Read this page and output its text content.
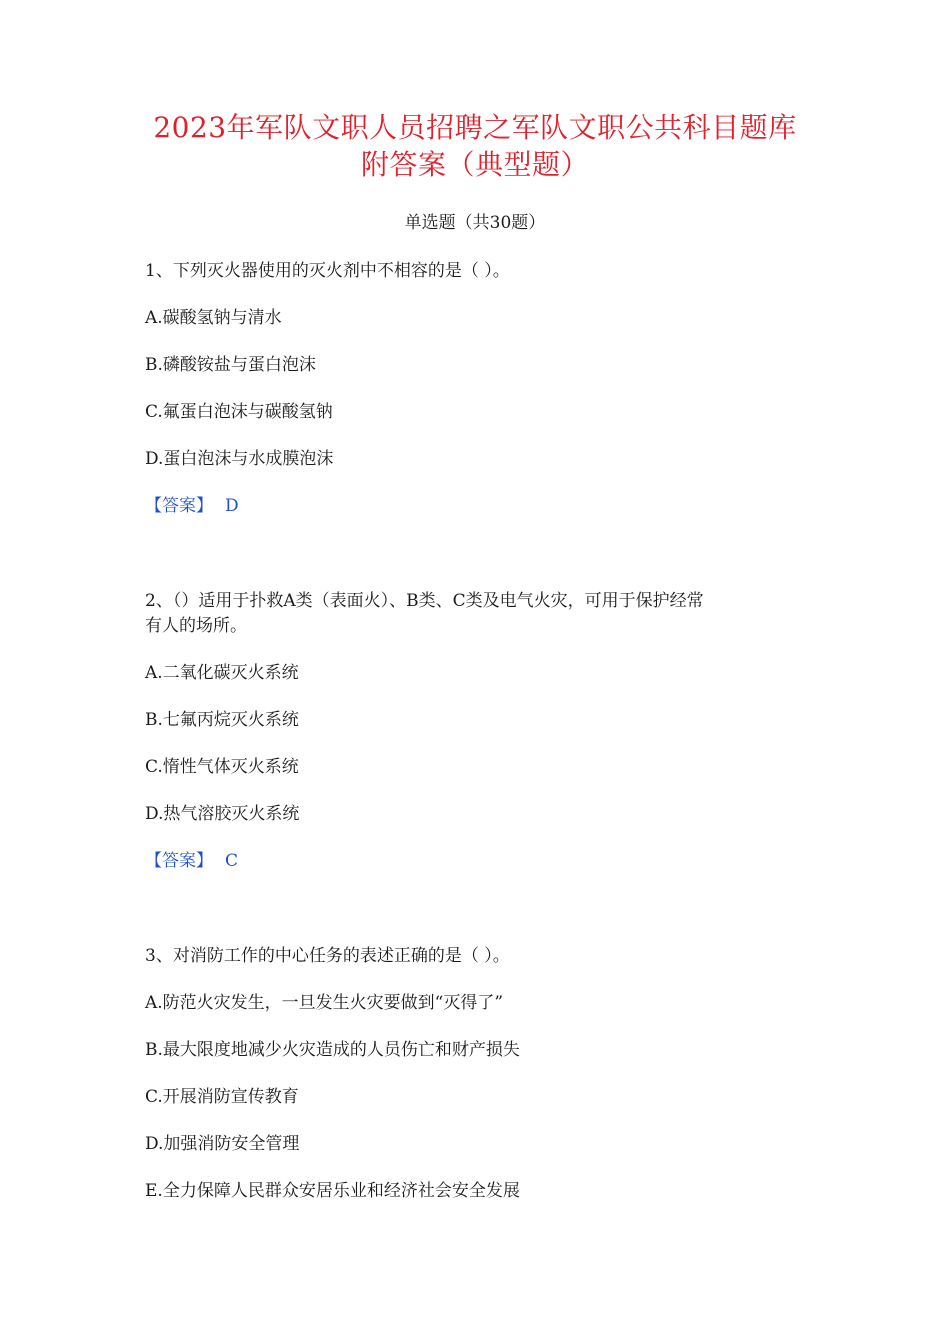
2023年军队文职人员招聘之军队文职公共科目题库
附答案（典型题）
单选题（共30题）
1、下列灭火器使用的灭火剂中不相容的是（ ）。
A.碳酸氢钠与清水
B.磷酸铵盐与蛋白泡沫
C.氟蛋白泡沫与碳酸氢钠
D.蛋白泡沫与水成膜泡沫
【答案】 D
2、（）适用于扑救A类（表面火）、B类、C类及电气火灾，可用于保护经常
有人的场所。
A.二氧化碳灭火系统
B.七氟丙烷灭火系统
C.惰性气体灭火系统
D.热气溶胶灭火系统
【答案】 C
3、对消防工作的中心任务的表述正确的是（ ）。
A.防范火灾发生，一旦发生火灾要做到“灭得了”
B.最大限度地减少火灾造成的人员伤亡和财产损失
C.开展消防宣传教育
D.加强消防安全管理
E.全力保障人民群众安居乐业和经济社会安全发展
